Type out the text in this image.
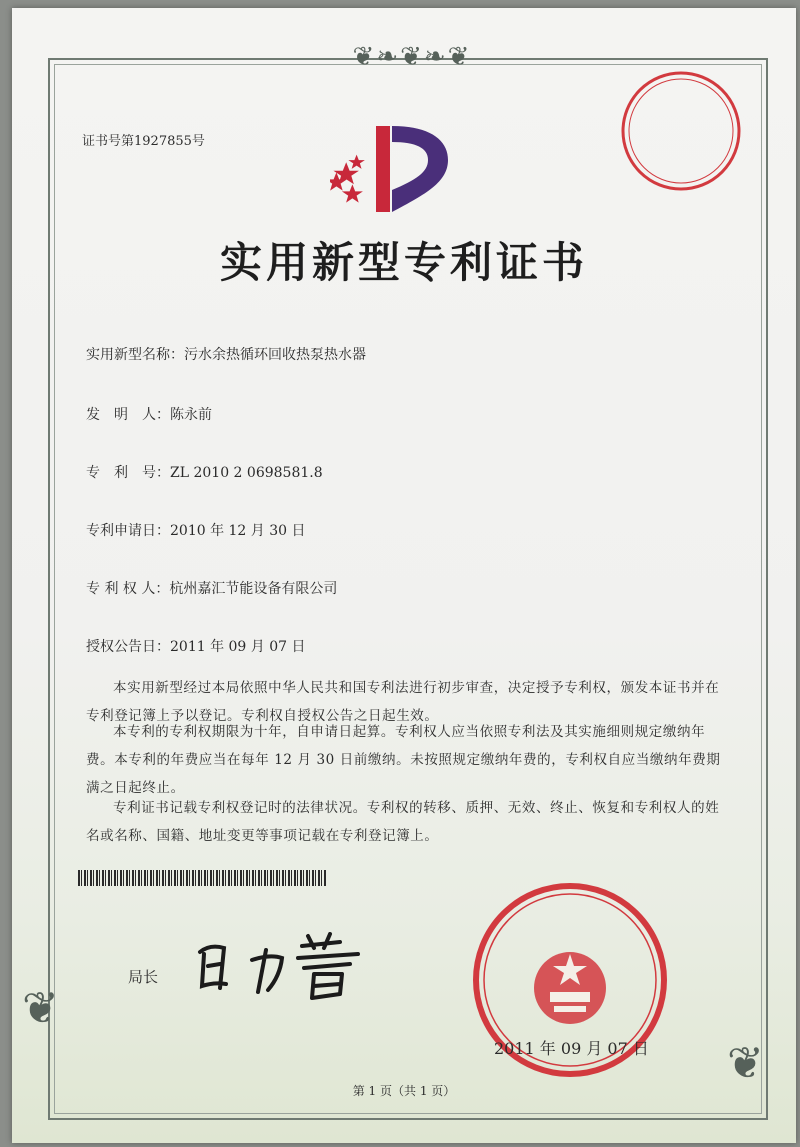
❦❧❦❧❦
❦
❦
证书号第1927855号
实用新型专利证书
实用新型名称：污水余热循环回收热泵热水器
发　明　人：陈永前
专　利　号：ZL 2010 2 0698581.8
专利申请日：2010 年 12 月 30 日
专 利 权 人：杭州嘉汇节能设备有限公司
授权公告日：2011 年 09 月 07 日
本实用新型经过本局依照中华人民共和国专利法进行初步审查，决定授予专利权，颁发本证书并在专利登记簿上予以登记。专利权自授权公告之日起生效。
本专利的专利权期限为十年，自申请日起算。专利权人应当依照专利法及其实施细则规定缴纳年费。本专利的年费应当在每年 12 月 30 日前缴纳。未按照规定缴纳年费的，专利权自应当缴纳年费期满之日起终止。
专利证书记载专利权登记时的法律状况。专利权的转移、质押、无效、终止、恢复和专利权人的姓名或名称、国籍、地址变更等事项记载在专利登记簿上。
局长
2011 年 09 月 07 日
第 1 页（共 1 页）
